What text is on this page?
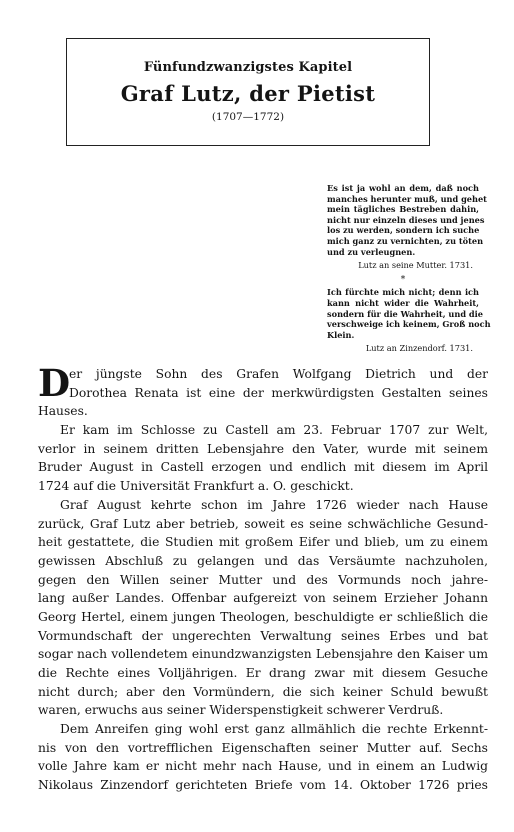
Fünfundzwanzigstes Kapitel
Graf Lutz, der Pietist
(1707—1772)
Es ist ja wohl an dem, daß noch
manches herunter muß, und gehet
mein tägliches Bestreben dahin,
nicht nur einzeln dieses und jenes
los zu werden, sondern ich suche
mich ganz zu vernichten, zu töten
und zu verleugnen.
Lutz an seine Mutter. 1731.
*
Ich fürchte mich nicht; denn ich
kann nicht wider die Wahrheit,
sondern für die Wahrheit, und die
verschweige ich keinem, Groß noch
Klein.
Lutz an Zinzendorf. 1731.
D
er jüngste Sohn des Grafen Wolfgang Dietrich und der
Dorothea Renata ist eine der merkwürdigsten Gestalten seines
Hauses.
Er kam im Schlosse zu Castell am 23. Februar 1707 zur Welt,
verlor in seinem dritten Lebensjahre den Vater, wurde mit seinem
Bruder August in Castell erzogen und endlich mit diesem im April
1724 auf die Universität Frankfurt a. O. geschickt.
Graf August kehrte schon im Jahre 1726 wieder nach Hause
zurück, Graf Lutz aber betrieb, soweit es seine schwächliche Gesund-
heit gestattete, die Studien mit großem Eifer und blieb, um zu einem
gewissen Abschluß zu gelangen und das Versäumte nachzuholen,
gegen den Willen seiner Mutter und des Vormunds noch jahre-
lang außer Landes. Offenbar aufgereizt von seinem Erzieher Johann
Georg Hertel, einem jungen Theologen, beschuldigte er schließlich die
Vormundschaft der ungerechten Verwaltung seines Erbes und bat
sogar nach vollendetem einundzwanzigsten Lebensjahre den Kaiser um
die Rechte eines Volljährigen. Er drang zwar mit diesem Gesuche
nicht durch; aber den Vormündern, die sich keiner Schuld bewußt
waren, erwuchs aus seiner Widerspenstigkeit schwerer Verdruß.
Dem Anreifen ging wohl erst ganz allmählich die rechte Erkennt-
nis von den vortrefflichen Eigenschaften seiner Mutter auf. Sechs
volle Jahre kam er nicht mehr nach Hause, und in einem an Ludwig
Nikolaus Zinzendorf gerichteten Briefe vom 14. Oktober 1726 pries
